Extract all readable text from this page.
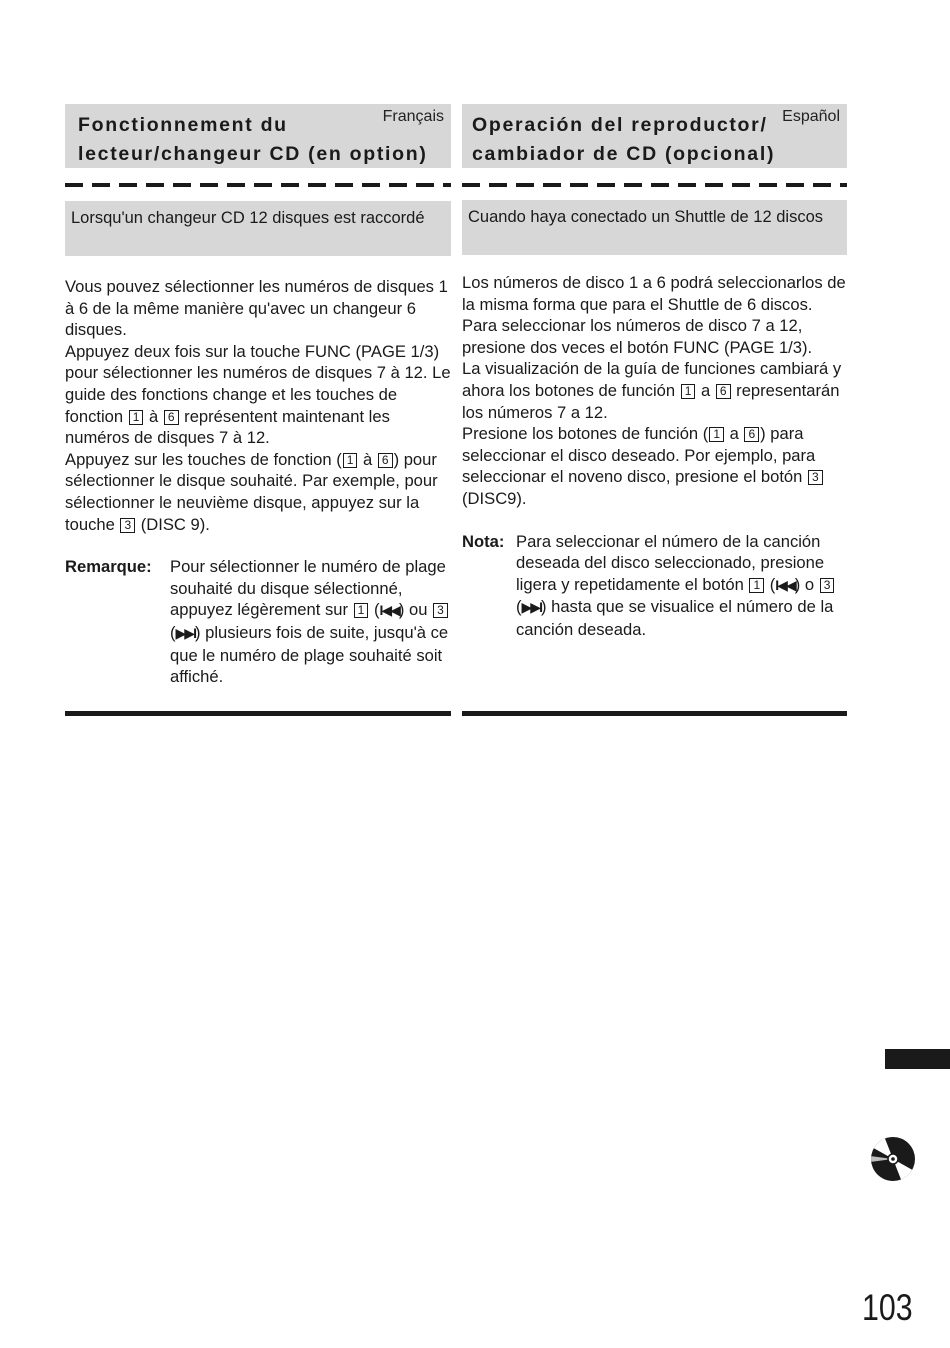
Fonctionnement du
lecteur/changeur CD (en option)
Français
Lorsqu'un changeur CD 12 disques est raccordé

Vous pouvez sélectionner les numéros de disques 1 à 6 de la même manière qu'avec un changeur 6 disques.

Appuyez deux fois sur la touche FUNC (PAGE 1/3) pour sélectionner les numéros de disques 7 à 12. Le guide des fonctions change et les touches de fonction 1 à 6 représentent maintenant les numéros de disques 7 à 12.

Appuyez sur les touches de fonction ( 1 à 6 ) pour sélectionner le disque souhaité. Par exemple, pour sélectionner le neuvième disque, appuyez sur la touche 3 (DISC 9).

Remarque:	Pour sélectionner le numéro de plage souhaité du disque sélectionné, appuyez légèrement sur 1 (I◀◀) ou 3 (▶▶I) plusieurs fois de suite, jusqu'à ce que le numéro de plage souhaité soit affiché.
Operación del reproductor/
cambiador de CD (opcional)
Español
Cuando haya conectado un Shuttle de 12 discos

Los números de disco 1 a 6 podrá seleccionarlos de la misma forma que para el Shuttle de 6 discos.

Para seleccionar los números de disco 7 a 12, presione dos veces el botón FUNC (PAGE 1/3).

La visualización de la guía de funciones cambiará y ahora los botones de función 1 a 6 representarán los números 7 a 12.

Presione los botones de función ( 1 a 6 ) para seleccionar el disco deseado. Por ejemplo, para seleccionar el noveno disco, presione el botón 3 (DISC9).

Nota: Para seleccionar el número de la canción deseada del disco seleccionado, presione ligera y repetidamente el botón 1 (I◀◀) o 3 (▶▶I) hasta que se visualice el número de la canción deseada.
103
